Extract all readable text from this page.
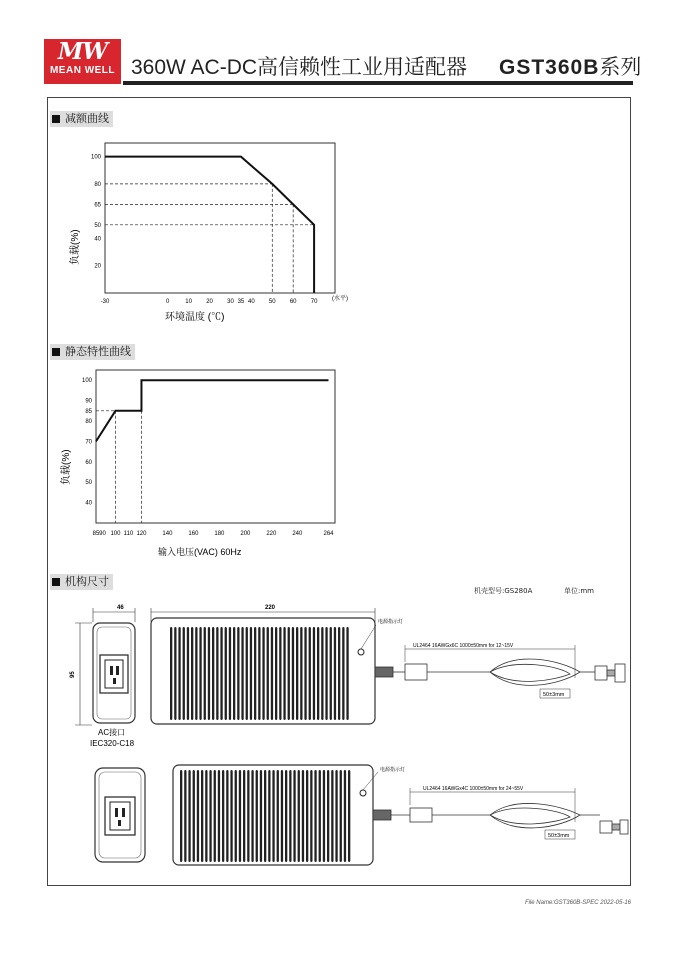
MW
MEAN WELL 360W AC-DC高信赖性工业用适配器 GST360B系列
减额曲线
-30	0	10 20 30 35 40 50 60 70
100
80
65
50
40
20
负载(%)
(水平)
环境温度 (℃)
静态特性曲线
85 90 100 110 120	140	160	180	200	220	240	264
100
90
85
80
70
60
50
40
负载(%)
输入电压(VAC) 60Hz
机构尺寸
机壳型号:GS280A	单位:mm
46	220
95
AC接口
IEC320-C18
电源指示灯
UL2464 16AWGx6C 1000±50mm for 12~15V
50±3mm
电源指示灯
UL2464 16AWGx4C 1000±50mm for 24~55V
50±3mm
File Name:GST360B-SPEC 2022-05-16
